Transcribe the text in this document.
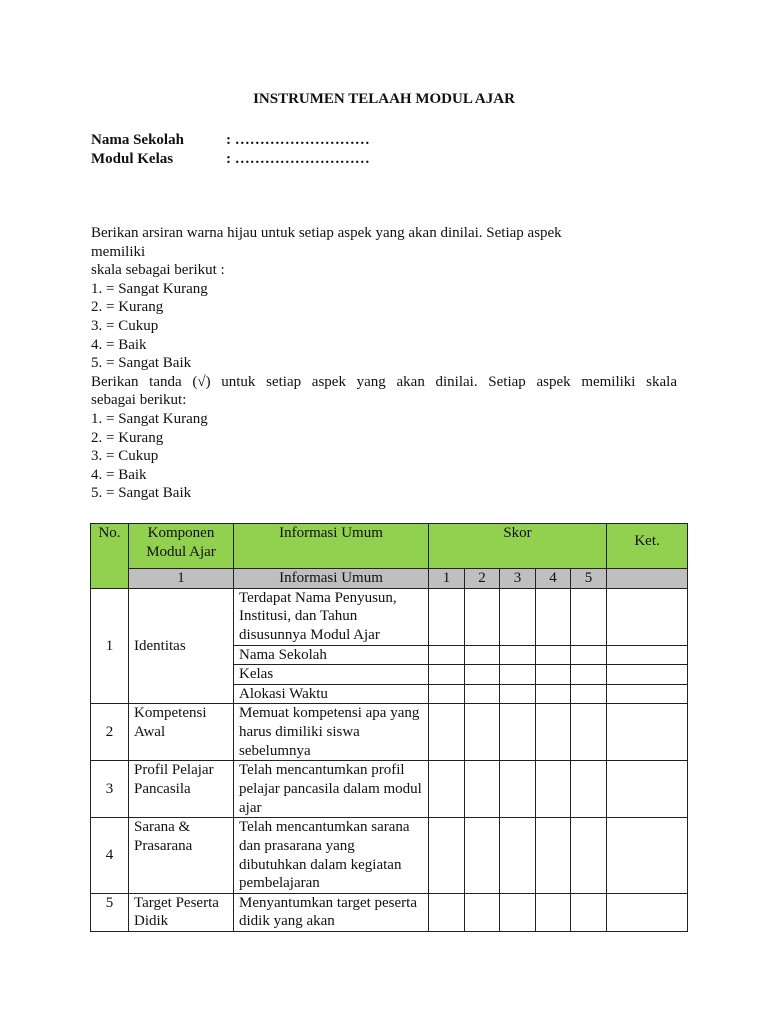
INSTRUMEN TELAAH MODUL AJAR
Nama Sekolah	: ………………………
Modul Kelas	: ………………………
Berikan arsiran warna hijau untuk setiap aspek yang akan dinilai. Setiap aspek
memiliki
skala sebagai berikut :
1. = Sangat Kurang
2. = Kurang
3. = Cukup
4. = Baik
5. = Sangat Baik
Berikan tanda (√) untuk setiap aspek yang akan dinilai. Setiap aspek memiliki skala
sebagai berikut:
1. = Sangat Kurang
2. = Kurang
3. = Cukup
4. = Baik
5. = Sangat Baik
No.	Komponen Modul Ajar	Informasi Umum	Skor					Ket.
	1	Informasi Umum	1	2	3	4	5	
1	Identitas	Terdapat Nama Penyusun, Institusi, dan Tahun disusunnya Modul Ajar						
		Nama Sekolah						
		Kelas						
		Alokasi Waktu						
2	Kompetensi Awal	Memuat kompetensi apa yang harus dimiliki siswa sebelumnya						
3	Profil Pelajar Pancasila	Telah mencantumkan profil pelajar pancasila dalam modul ajar						
4	Sarana & Prasarana	Telah mencantumkan sarana dan prasarana yang dibutuhkan dalam kegiatan pembelajaran						
5	Target Peserta Didik	Menyantumkan target peserta didik yang akan						
